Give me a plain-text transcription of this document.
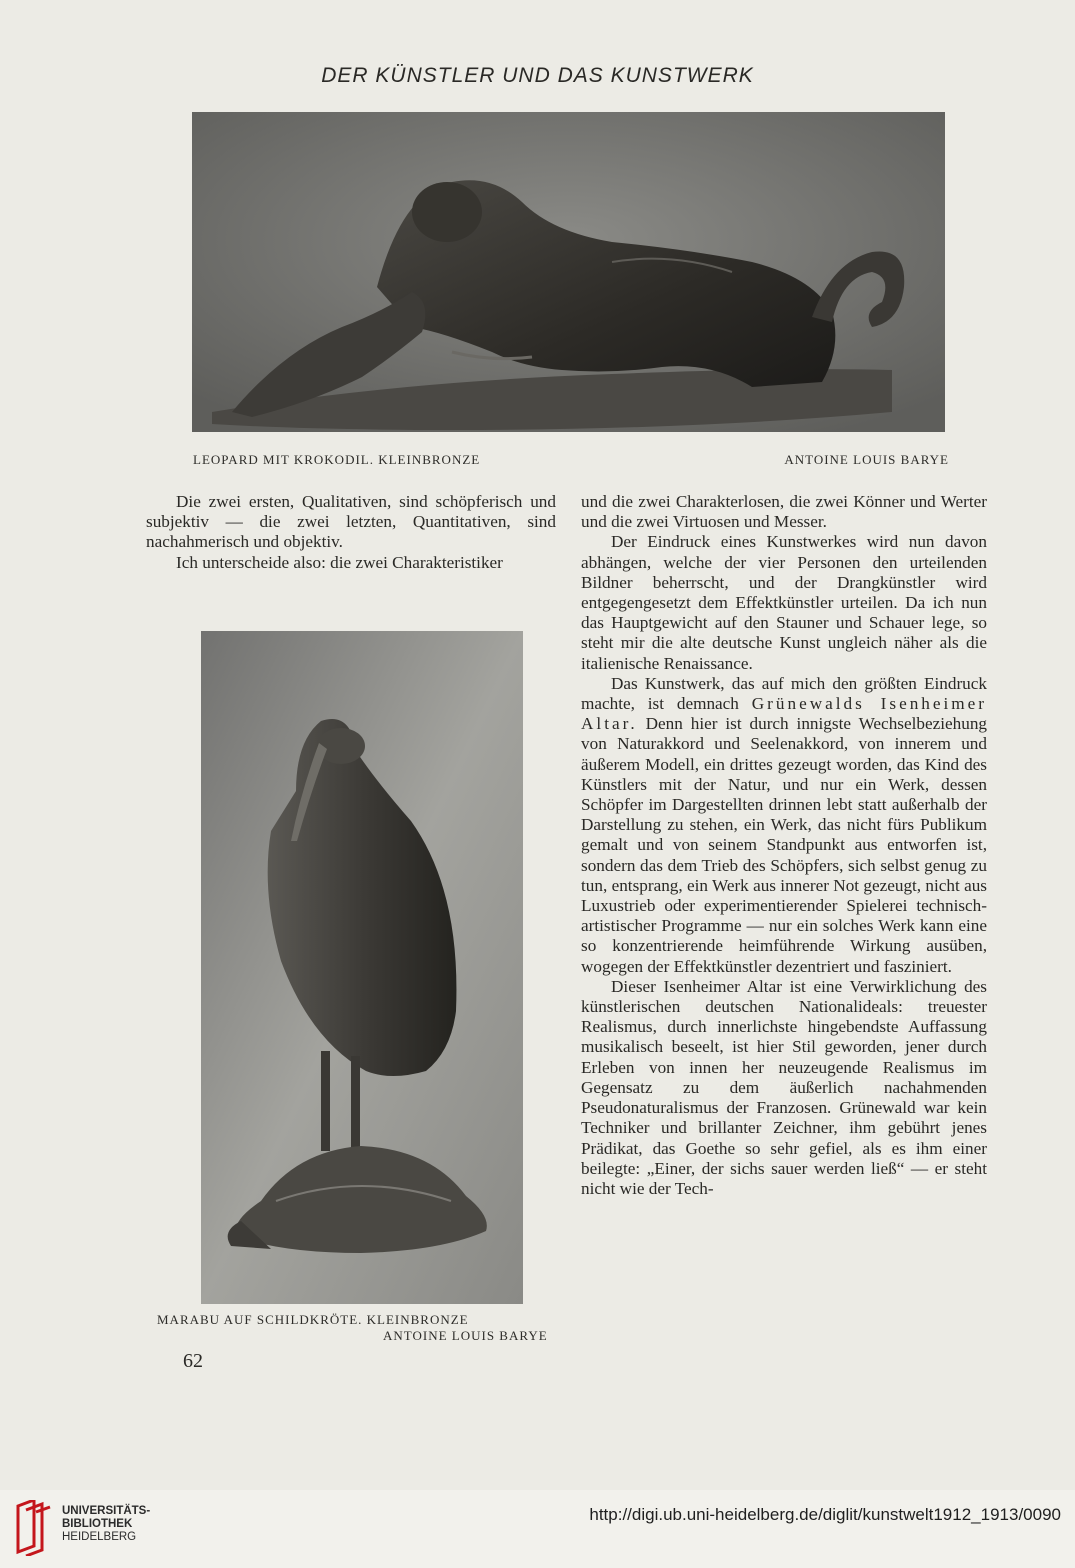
DER KÜNSTLER UND DAS KUNSTWERK
LEOPARD MIT KROKODIL. KLEINBRONZE	ANTOINE LOUIS BARYE

Die zwei ersten, Qualitativen, sind schöpferisch und subjektiv — die zwei letzten, Quantitativen, sind nachahmerisch und objektiv.

Ich unterscheide also: die zwei Charakteristiker

MARABU AUF SCHILDKRÖTE. KLEINBRONZE
ANTOINE LOUIS BARYE

und die zwei Charakterlosen, die zwei Könner und Werter und die zwei Virtuosen und Messer.

Der Eindruck eines Kunstwerkes wird nun davon abhängen, welche der vier Personen den urteilenden Bildner beherrscht, und der Drangkünstler wird entgegengesetzt dem Effektkünstler urteilen. Da ich nun das Hauptgewicht auf den Stauner und Schauer lege, so steht mir die alte deutsche Kunst ungleich näher als die italienische Renaissance.

Das Kunstwerk, das auf mich den größten Eindruck machte, ist demnach Grünewalds Isenheimer Altar. Denn hier ist durch innigste Wechselbeziehung von Naturakkord und Seelenakkord, von innerem und äußerem Modell, ein drittes gezeugt worden, das Kind des Künstlers mit der Natur, und nur ein Werk, dessen Schöpfer im Dargestellten drinnen lebt statt außerhalb der Darstellung zu stehen, ein Werk, das nicht fürs Publikum gemalt und von seinem Standpunkt aus entworfen ist, sondern das dem Trieb des Schöpfers, sich selbst genug zu tun, entsprang, ein Werk aus innerer Not gezeugt, nicht aus Luxustrieb oder experimentierender Spielerei technisch-artistischer Programme — nur ein solches Werk kann eine so konzentrierende heimführende Wirkung ausüben, wogegen der Effektkünstler dezentriert und fasziniert.

Dieser Isenheimer Altar ist eine Verwirklichung des künstlerischen deutschen Nationalideals: treuester Realismus, durch innerlichste hingebendste Auffassung musikalisch beseelt, ist hier Stil geworden, jener durch Erleben von innen her neuzeugende Realismus im Gegensatz zu dem äußerlich nachahmenden Pseudonaturalismus der Franzosen. Grünewald war kein Techniker und brillanter Zeichner, ihm gebührt jenes Prädikat, das Goethe so sehr gefiel, als es ihm einer beilegte: „Einer, der sichs sauer werden ließ“ — er steht nicht wie der Tech-

62
UNIVERSITÄTS-
BIBLIOTHEK
HEIDELBERG
http://digi.ub.uni-heidelberg.de/diglit/kunstwelt1912_1913/0090
